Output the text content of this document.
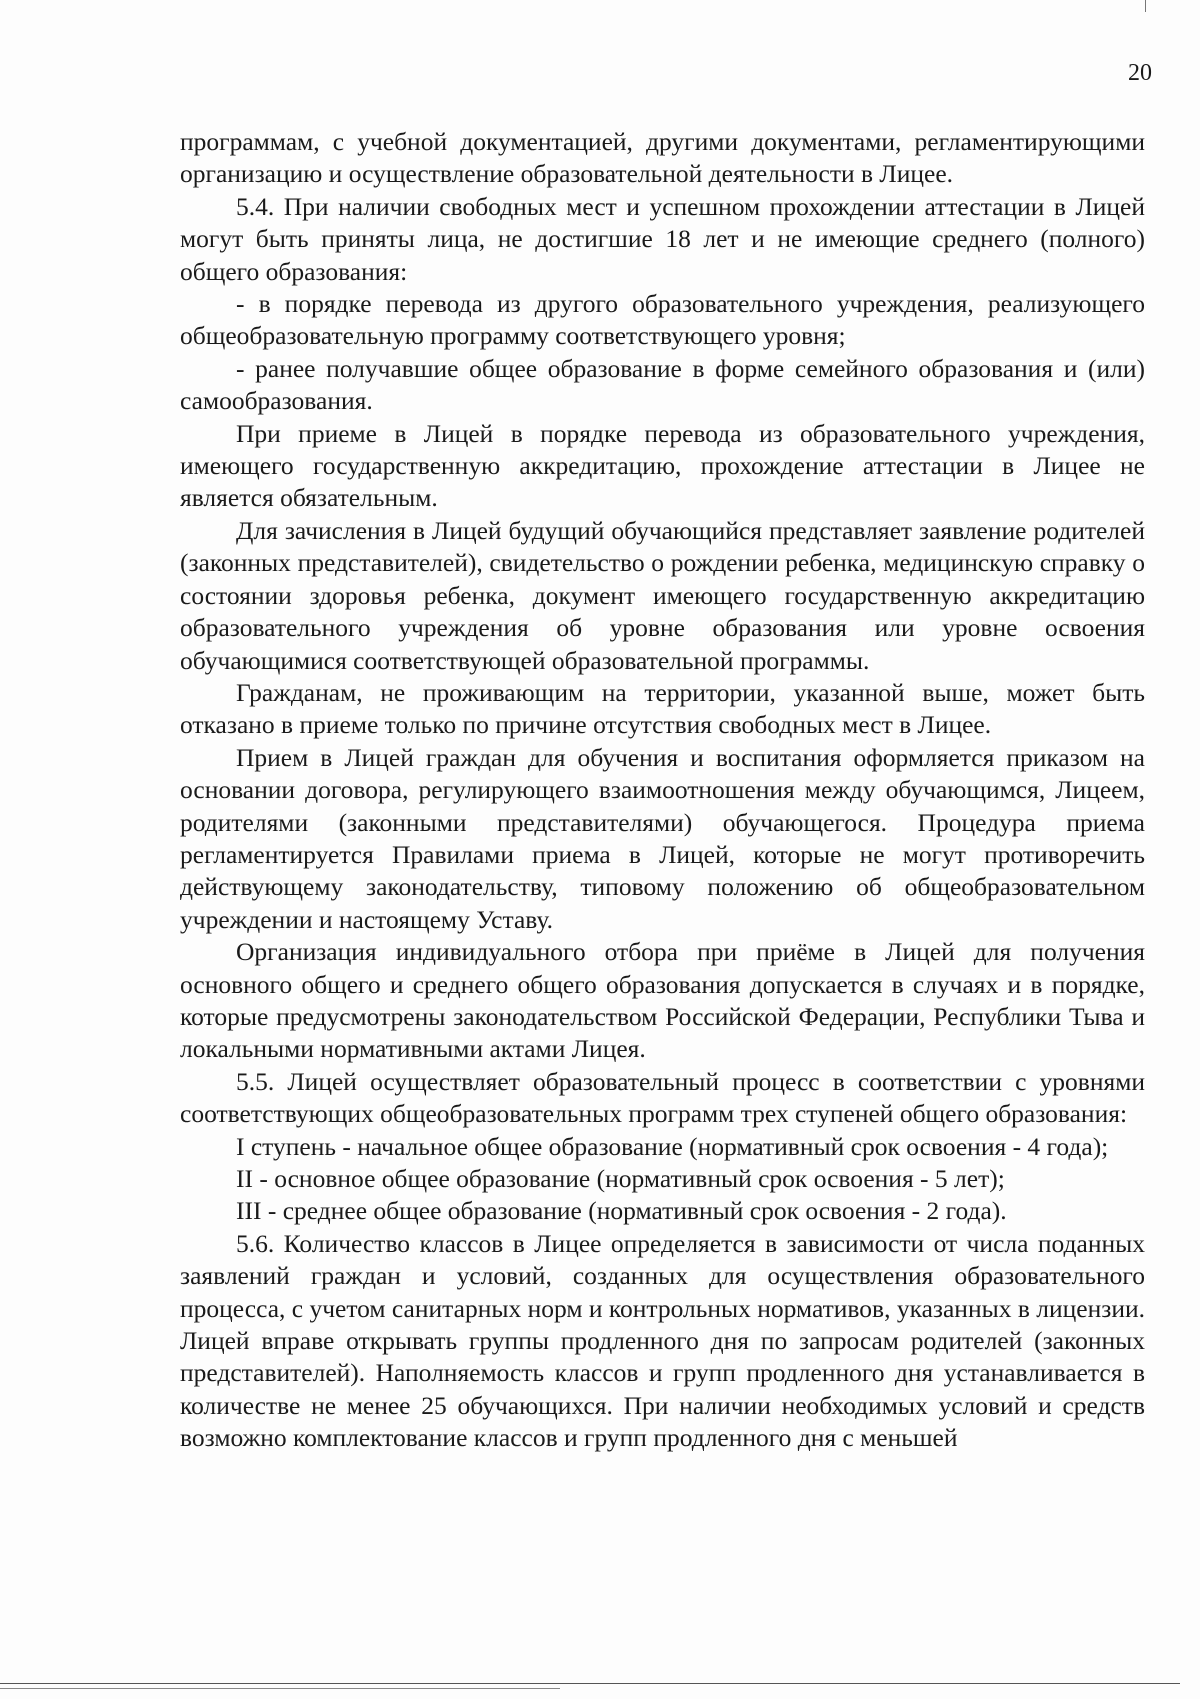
20

программам, с учебной документацией, другими документами, регламентирующими организацию и осуществление образовательной деятельности в Лицее.

5.4. При наличии свободных мест и успешном прохождении аттестации в Лицей могут быть приняты лица, не достигшие 18 лет и не имеющие среднего (полного) общего образования:

- в порядке перевода из другого образовательного учреждения, реализующего общеобразовательную программу соответствующего уровня;

- ранее получавшие общее образование в форме семейного образования и (или) самообразования.

При приеме в Лицей в порядке перевода из образовательного учреждения, имеющего государственную аккредитацию, прохождение аттестации в Лицее не является обязательным.

Для зачисления в Лицей будущий обучающийся представляет заявление родителей (законных представителей), свидетельство о рождении ребенка, медицинскую справку о состоянии здоровья ребенка, документ имеющего государственную аккредитацию образовательного учреждения об уровне образования или уровне освоения обучающимися соответствующей образовательной программы.

Гражданам, не проживающим на территории, указанной выше, может быть отказано в приеме только по причине отсутствия свободных мест в Лицее.

Прием в Лицей граждан для обучения и воспитания оформляется приказом на основании договора, регулирующего взаимоотношения между обучающимся, Лицеем, родителями (законными представителями) обучающегося. Процедура приема регламентируется Правилами приема в Лицей, которые не могут противоречить действующему законодательству, типовому положению об общеобразовательном учреждении и настоящему Уставу.

Организация индивидуального отбора при приёме в Лицей для получения основного общего и среднего общего образования допускается в случаях и в порядке, которые предусмотрены законодательством Российской Федерации, Республики Тыва и локальными нормативными актами Лицея.

5.5. Лицей осуществляет образовательный процесс в соответствии с уровнями соответствующих общеобразовательных программ трех ступеней общего образования:

I ступень - начальное общее образование (нормативный срок освоения - 4 года);

II - основное общее образование (нормативный срок освоения - 5 лет);

III - среднее общее образование (нормативный срок освоения - 2 года).

5.6. Количество классов в Лицее определяется в зависимости от числа поданных заявлений граждан и условий, созданных для осуществления образовательного процесса, с учетом санитарных норм и контрольных нормативов, указанных в лицензии. Лицей вправе открывать группы продленного дня по запросам родителей (законных представителей). Наполняемость классов и групп продленного дня устанавливается в количестве не менее 25 обучающихся. При наличии необходимых условий и средств возможно комплектование классов и групп продленного дня с меньшей
